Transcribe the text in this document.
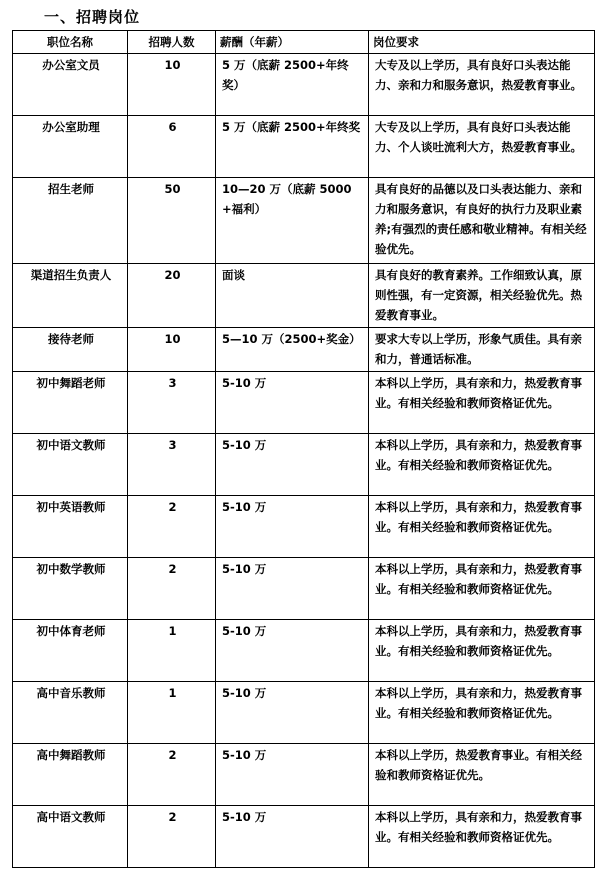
一、招聘岗位
职位名称	招聘人数	薪酬（年薪）	岗位要求
办公室文员	10	5 万（底薪 2500+年终奖）	大专及以上学历，具有良好口头表达能力、亲和力和服务意识，热爱教育事业。
办公室助理	6	5 万（底薪 2500+年终奖	大专及以上学历，具有良好口头表达能力、个人谈吐流利大方，热爱教育事业。
招生老师	50	10—20 万（底薪 5000+福利）	具有良好的品德以及口头表达能力、亲和力和服务意识，有良好的执行力及职业素养;有强烈的责任感和敬业精神。有相关经验优先。
渠道招生负责人	20	面谈	具有良好的教育素养。工作细致认真，原则性强，有一定资源，相关经验优先。热爱教育事业。
接待老师	10	5—10 万（2500+奖金）	要求大专以上学历，形象气质佳。具有亲和力，普通话标准。
初中舞蹈老师	3	5-10 万	本科以上学历，具有亲和力，热爱教育事业。有相关经验和教师资格证优先。
初中语文教师	3	5-10 万	本科以上学历，具有亲和力，热爱教育事业。有相关经验和教师资格证优先。
初中英语教师	2	5-10 万	本科以上学历，具有亲和力，热爱教育事业。有相关经验和教师资格证优先。
初中数学教师	2	5-10 万	本科以上学历，具有亲和力，热爱教育事业。有相关经验和教师资格证优先。
初中体育老师	1	5-10 万	本科以上学历，具有亲和力，热爱教育事业。有相关经验和教师资格证优先。
高中音乐教师	1	5-10 万	本科以上学历，具有亲和力，热爱教育事业。有相关经验和教师资格证优先。
高中舞蹈教师	2	5-10 万	本科以上学历，热爱教育事业。有相关经验和教师资格证优先。
高中语文教师	2	5-10 万	本科以上学历，具有亲和力，热爱教育事业。有相关经验和教师资格证优先。
